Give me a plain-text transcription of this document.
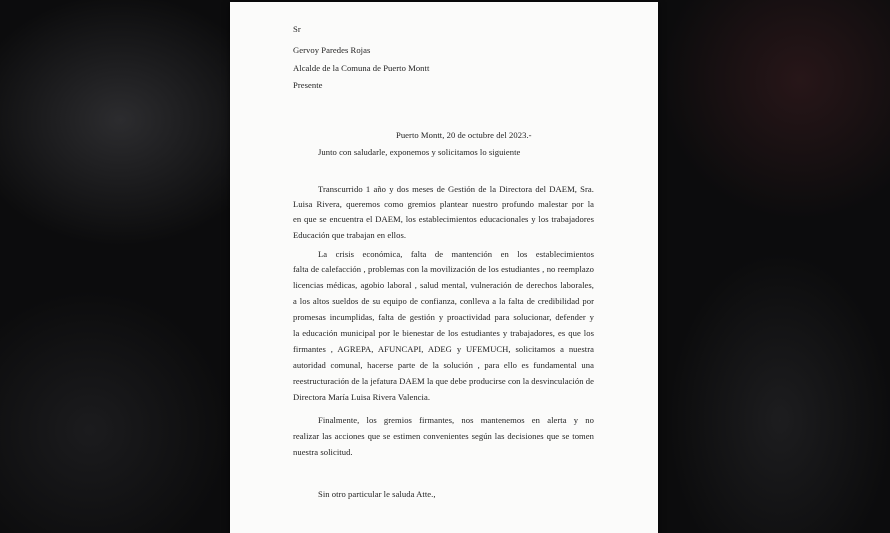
Sr

Gervoy Paredes Rojas

Alcalde de la Comuna de Puerto Montt

Presente

Puerto Montt, 20 de octubre del 2023.-

Junto con saludarle, exponemos y solicitamos lo siguiente

Transcurrido 1 año y dos meses de Gestión de la Directora del DAEM, Sra.

Luisa Rivera, queremos como gremios plantear nuestro profundo malestar por la

en que se encuentra el DAEM, los establecimientos educacionales y los trabajadores

Educación que trabajan en ellos.

La crisis económica, falta de mantención en los establecimientos

falta de calefacción , problemas con la movilización de los estudiantes , no reemplazo

licencias médicas, agobio laboral , salud mental, vulneración de derechos laborales,

a los altos sueldos de su equipo de confianza, conlleva a la falta de credibilidad por

promesas incumplidas, falta de gestión y proactividad para solucionar, defender y

la educación municipal por le bienestar de los estudiantes y trabajadores, es que los

firmantes , AGREPA, AFUNCAPI, ADEG y UFEMUCH, solicitamos a nuestra

autoridad comunal, hacerse parte de la solución , para ello es fundamental una

reestructuración de la jefatura DAEM la que debe producirse con la desvinculación de

Directora María Luisa Rivera Valencia.

Finalmente, los gremios firmantes, nos mantenemos en alerta y no

realizar las acciones que se estimen convenientes según las decisiones que se tomen

nuestra solicitud.

Sin otro particular le saluda Atte.,
